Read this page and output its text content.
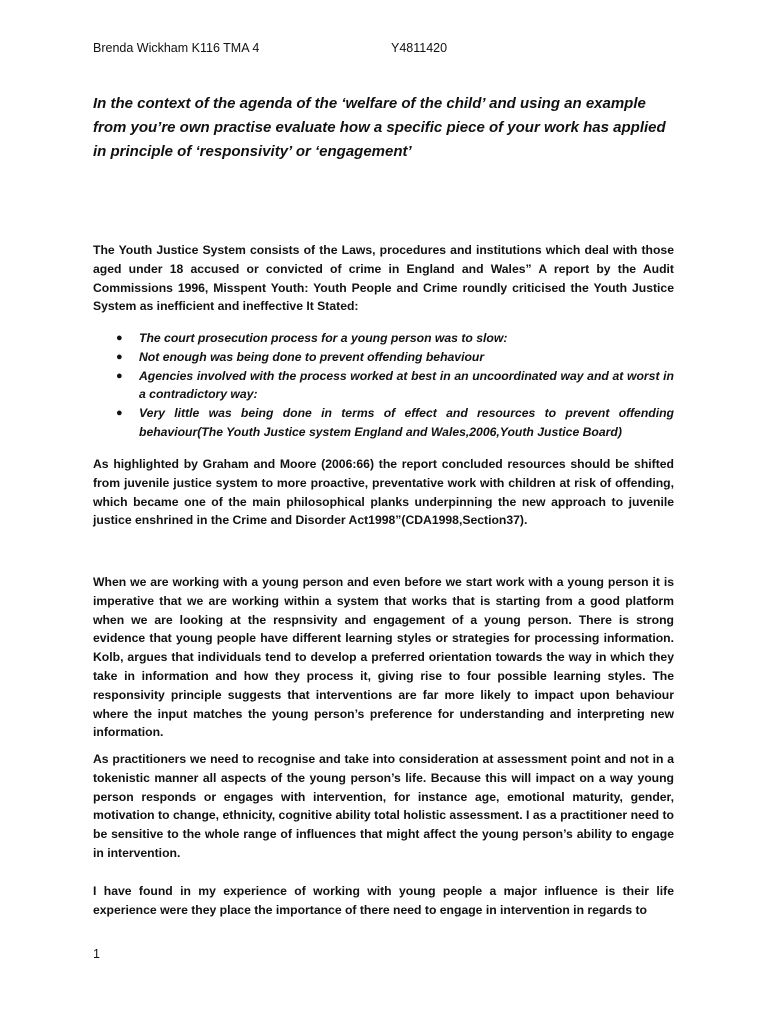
Brenda Wickham K116 TMA 4	Y4811420

In the context of the agenda of the ‘welfare of the child’ and using an example from you’re own practise evaluate how a specific piece of your work has applied in principle of ‘responsivity’ or ‘engagement’

The Youth Justice System consists of the Laws, procedures and institutions which deal with those aged under 18 accused or convicted of crime in England and Wales” A report by the Audit Commissions 1996, Misspent Youth: Youth People and Crime roundly criticised the Youth Justice System as inefficient and ineffective It Stated:

● The court prosecution process for a young person was to slow:
● Not enough was being done to prevent offending behaviour
● Agencies involved with the process worked at best in an uncoordinated way and at worst in a contradictory way:
● Very little was being done in terms of effect and resources to prevent offending behaviour(The Youth Justice system England and Wales,2006,Youth Justice Board)

As highlighted by Graham and Moore (2006:66) the report concluded resources should be shifted from juvenile justice system to more proactive, preventative work with children at risk of offending, which became one of the main philosophical planks underpinning the new approach to juvenile justice enshrined in the Crime and Disorder Act1998”(CDA1998,Section37).

When we are working with a young person and even before we start work with a young person it is imperative that we are working within a system that works that is starting from a good platform when we are looking at the respnsivity and engagement of a young person. There is strong evidence that young people have different learning styles or strategies for processing information. Kolb, argues that individuals tend to develop a preferred orientation towards the way in which they take in information and how they process it, giving rise to four possible learning styles. The responsivity principle suggests that interventions are far more likely to impact upon behaviour where the input matches the young person’s preference for understanding and interpreting new information.

As practitioners we need to recognise and take into consideration at assessment point and not in a tokenistic manner all aspects of the young person’s life. Because this will impact on a way young person responds or engages with intervention, for instance age, emotional maturity, gender, motivation to change, ethnicity, cognitive ability total holistic assessment. I as a practitioner need to be sensitive to the whole range of influences that might affect the young person’s ability to engage in intervention.

I have found in my experience of working with young people a major influence is their life experience were they place the importance of there need to engage in intervention in regards to

1
